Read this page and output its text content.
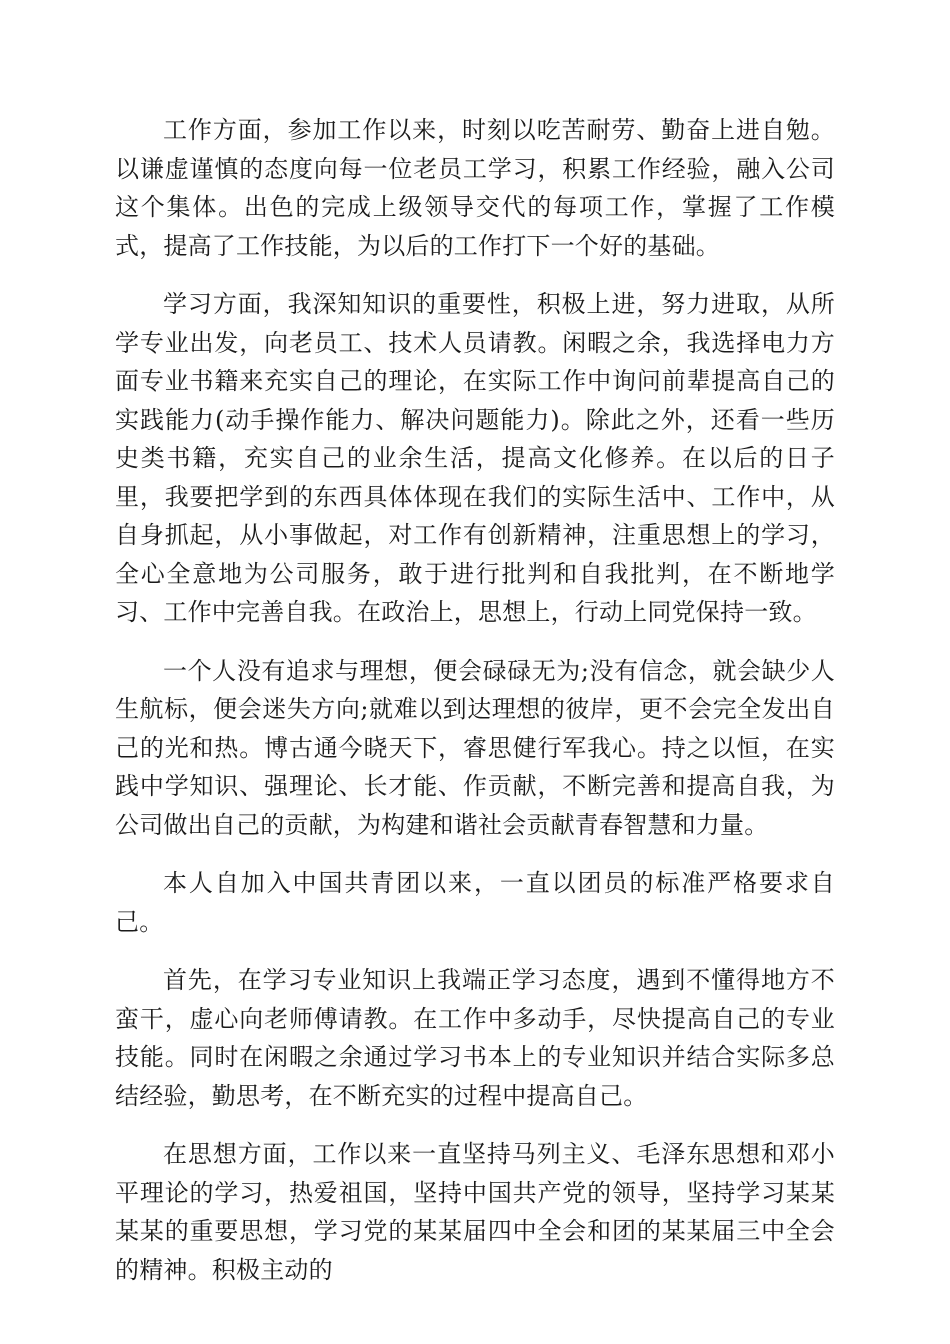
工作方面，参加工作以来，时刻以吃苦耐劳、勤奋上进自勉。以谦虚谨慎的态度向每一位老员工学习，积累工作经验，融入公司这个集体。出色的完成上级领导交代的每项工作，掌握了工作模式，提高了工作技能，为以后的工作打下一个好的基础。

学习方面，我深知知识的重要性，积极上进，努力进取，从所学专业出发，向老员工、技术人员请教。闲暇之余，我选择电力方面专业书籍来充实自己的理论，在实际工作中询问前辈提高自己的实践能力(动手操作能力、解决问题能力)。除此之外，还看一些历史类书籍，充实自己的业余生活，提高文化修养。在以后的日子里，我要把学到的东西具体体现在我们的实际生活中、工作中，从自身抓起，从小事做起，对工作有创新精神，注重思想上的学习，全心全意地为公司服务，敢于进行批判和自我批判，在不断地学习、工作中完善自我。在政治上，思想上，行动上同党保持一致。

一个人没有追求与理想，便会碌碌无为;没有信念，就会缺少人生航标，便会迷失方向;就难以到达理想的彼岸，更不会完全发出自己的光和热。博古通今晓天下，睿思健行军我心。持之以恒，在实践中学知识、强理论、长才能、作贡献，不断完善和提高自我，为公司做出自己的贡献，为构建和谐社会贡献青春智慧和力量。

本人自加入中国共青团以来，一直以团员的标准严格要求自己。

首先，在学习专业知识上我端正学习态度，遇到不懂得地方不蛮干，虚心向老师傅请教。在工作中多动手，尽快提高自己的专业技能。同时在闲暇之余通过学习书本上的专业知识并结合实际多总结经验，勤思考，在不断充实的过程中提高自己。

在思想方面，工作以来一直坚持马列主义、毛泽东思想和邓小平理论的学习，热爱祖国，坚持中国共产党的领导，坚持学习某某某某的重要思想，学习党的某某届四中全会和团的某某届三中全会的精神。积极主动的
